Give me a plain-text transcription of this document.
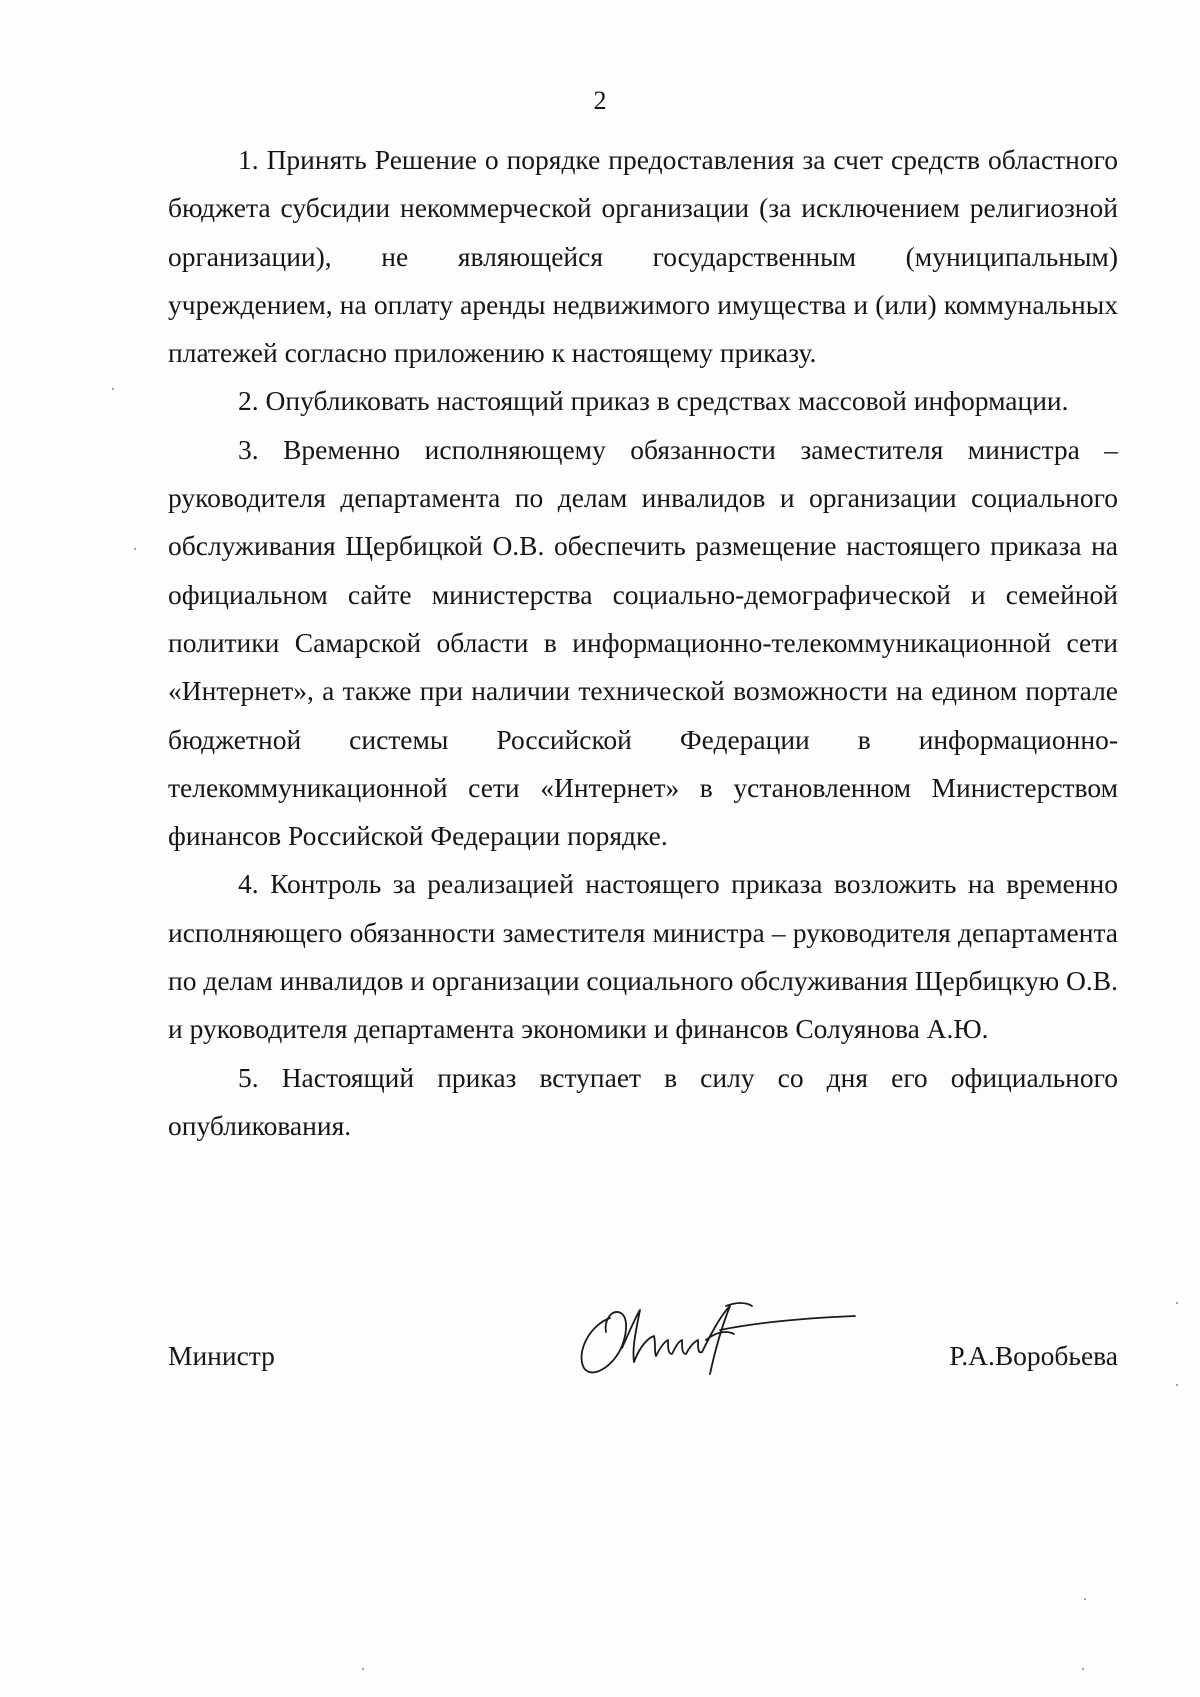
2

1. Принять Решение о порядке предоставления за счет средств областного бюджета субсидии некоммерческой организации (за исключением религиозной организации), не являющейся государственным (муниципальным) учреждением, на оплату аренды недвижимого имущества и (или) коммунальных платежей согласно приложению к настоящему приказу.

2. Опубликовать настоящий приказ в средствах массовой информации.

3. Временно исполняющему обязанности заместителя министра – руководителя департамента по делам инвалидов и организации социального обслуживания Щербицкой О.В. обеспечить размещение настоящего приказа на официальном сайте министерства социально-демографической и семейной политики Самарской области в информационно-телекоммуникационной сети «Интернет», а также при наличии технической возможности на едином портале бюджетной системы Российской Федерации в информационно-телекоммуникационной сети «Интернет» в установленном Министерством финансов Российской Федерации порядке.

4. Контроль за реализацией настоящего приказа возложить на временно исполняющего обязанности заместителя министра – руководителя департамента по делам инвалидов и организации социального обслуживания Щербицкую О.В. и руководителя департамента экономики и финансов Солуянова А.Ю.

5. Настоящий приказ вступает в силу со дня его официального опубликования.

Министр	Р.А.Воробьева
